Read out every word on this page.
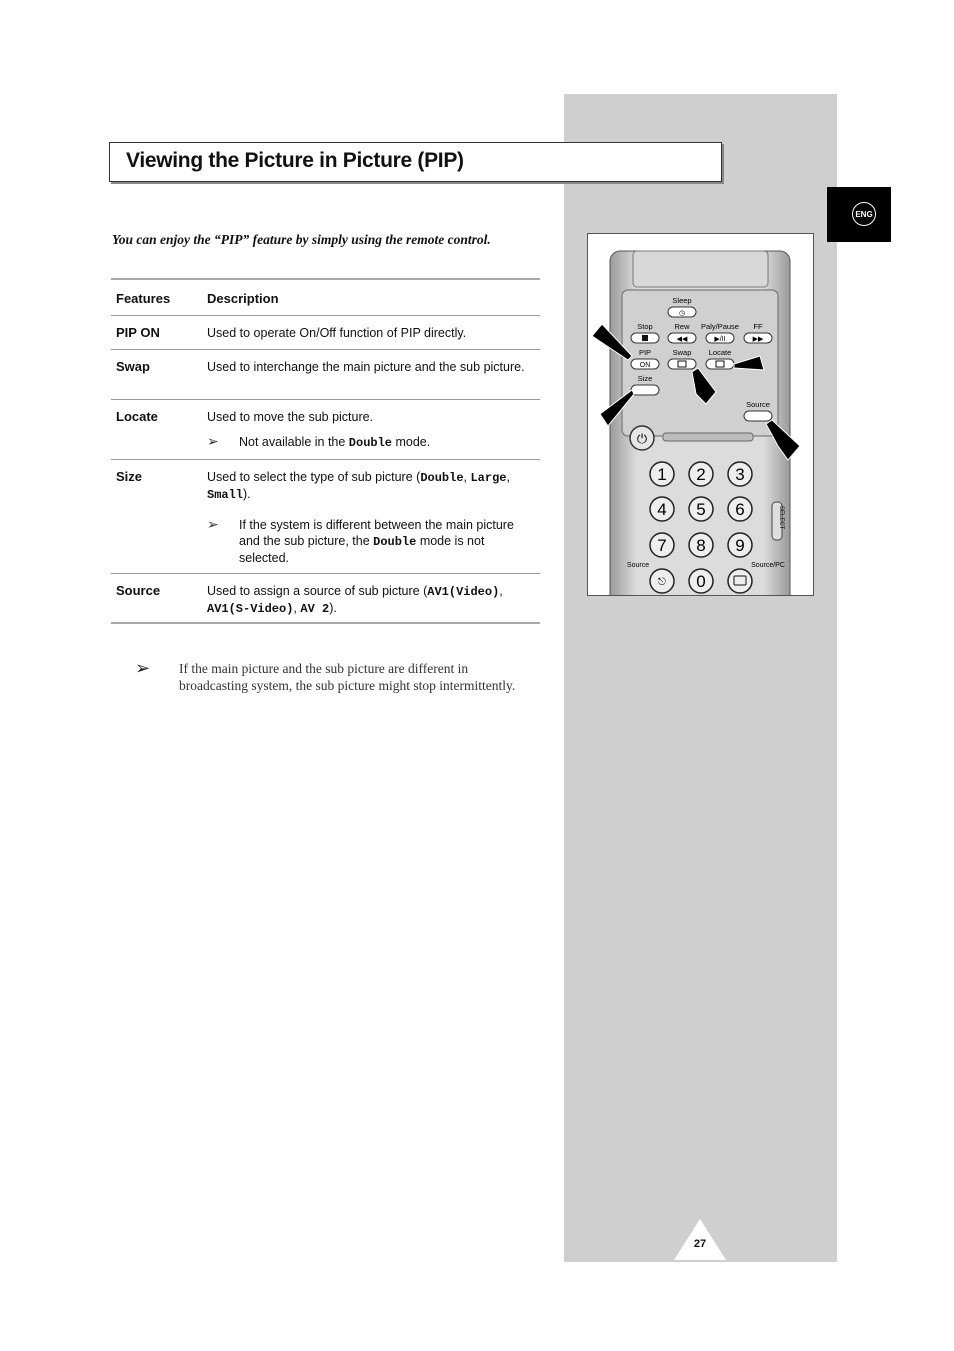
Viewing the Picture in Picture (PIP)
ENG
You can enjoy the “PIP” feature by simply using the remote control.
Features	Description
PIP ON	Used to operate On/Off function of PIP directly.
Swap	Used to interchange the main picture and the sub picture.
Locate	Used to move the sub picture.
➢	Not available in the Double mode.
Size	Used to select the type of sub picture (Double, Large, Small).
➢	If the system is different between the main picture and the sub picture, the Double mode is not selected.
Source	Used to assign a source of sub picture (AV1(Video), AV1(S-Video), AV 2).
➢	If the main picture and the sub picture are different in broadcasting system, the sub picture might stop intermittently.
Sleep
◷
Stop	Rew Paly/Pause FF
◀◀	▶/II	▶▶
PIP	Swap Locate
ON
Size
Source
⏻
1 2 3
4 5 6
7 8 9
⎋ 0
Source	Source/PC
SELECT
27
